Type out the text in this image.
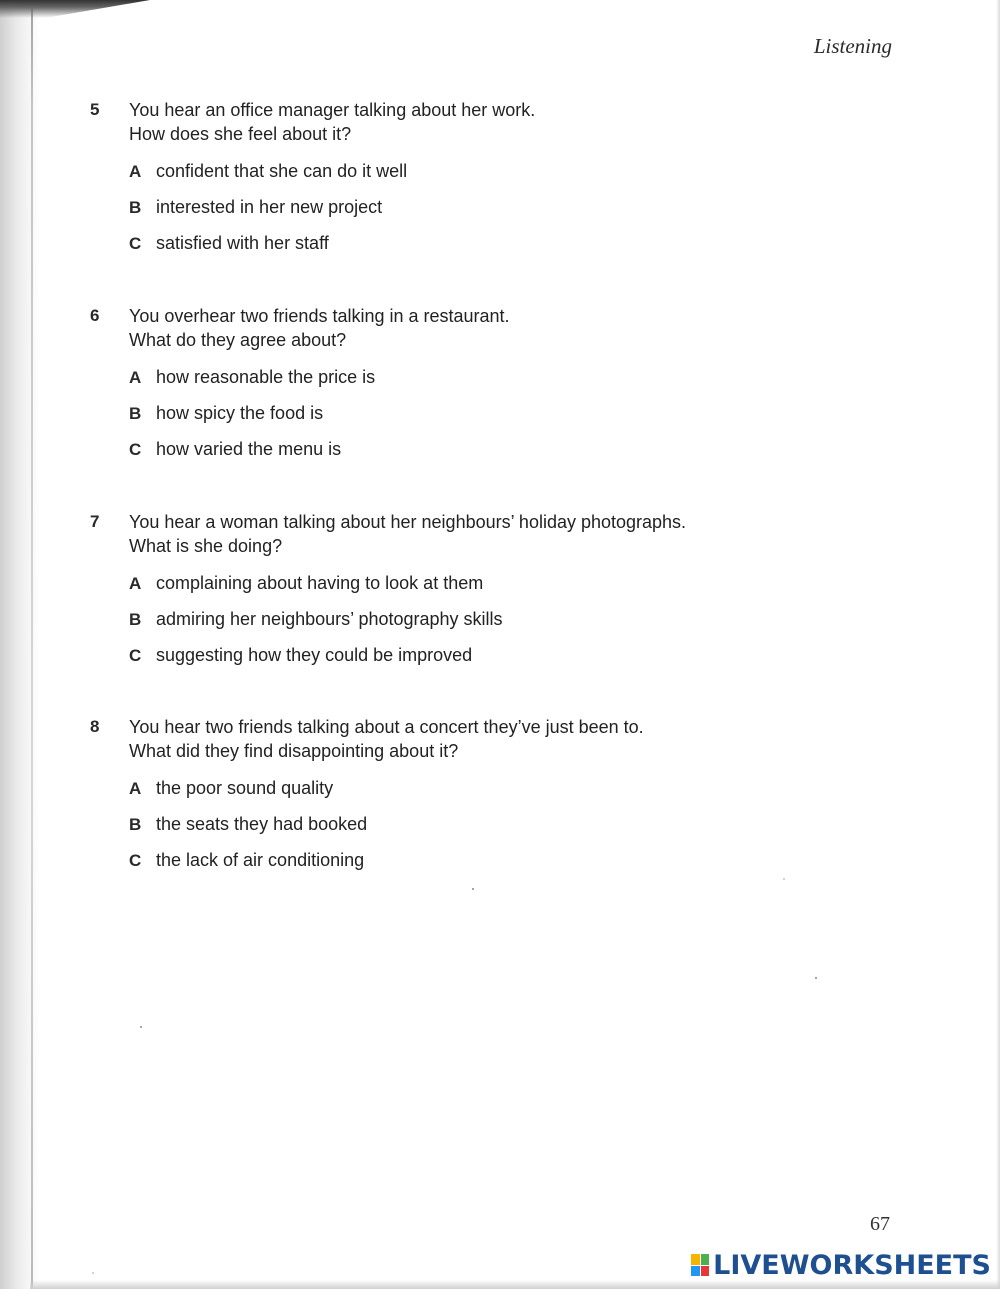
Listening
5 You hear an office manager talking about her work.
How does she feel about it?
A confident that she can do it well
B interested in her new project
C satisfied with her staff
6 You overhear two friends talking in a restaurant.
What do they agree about?
A how reasonable the price is
B how spicy the food is
C how varied the menu is
7 You hear a woman talking about her neighbours’ holiday photographs.
What is she doing?
A complaining about having to look at them
B admiring her neighbours’ photography skills
C suggesting how they could be improved
8 You hear two friends talking about a concert they’ve just been to.
What did they find disappointing about it?
A the poor sound quality
B the seats they had booked
C the lack of air conditioning
67
LIVEWORKSHEETS
